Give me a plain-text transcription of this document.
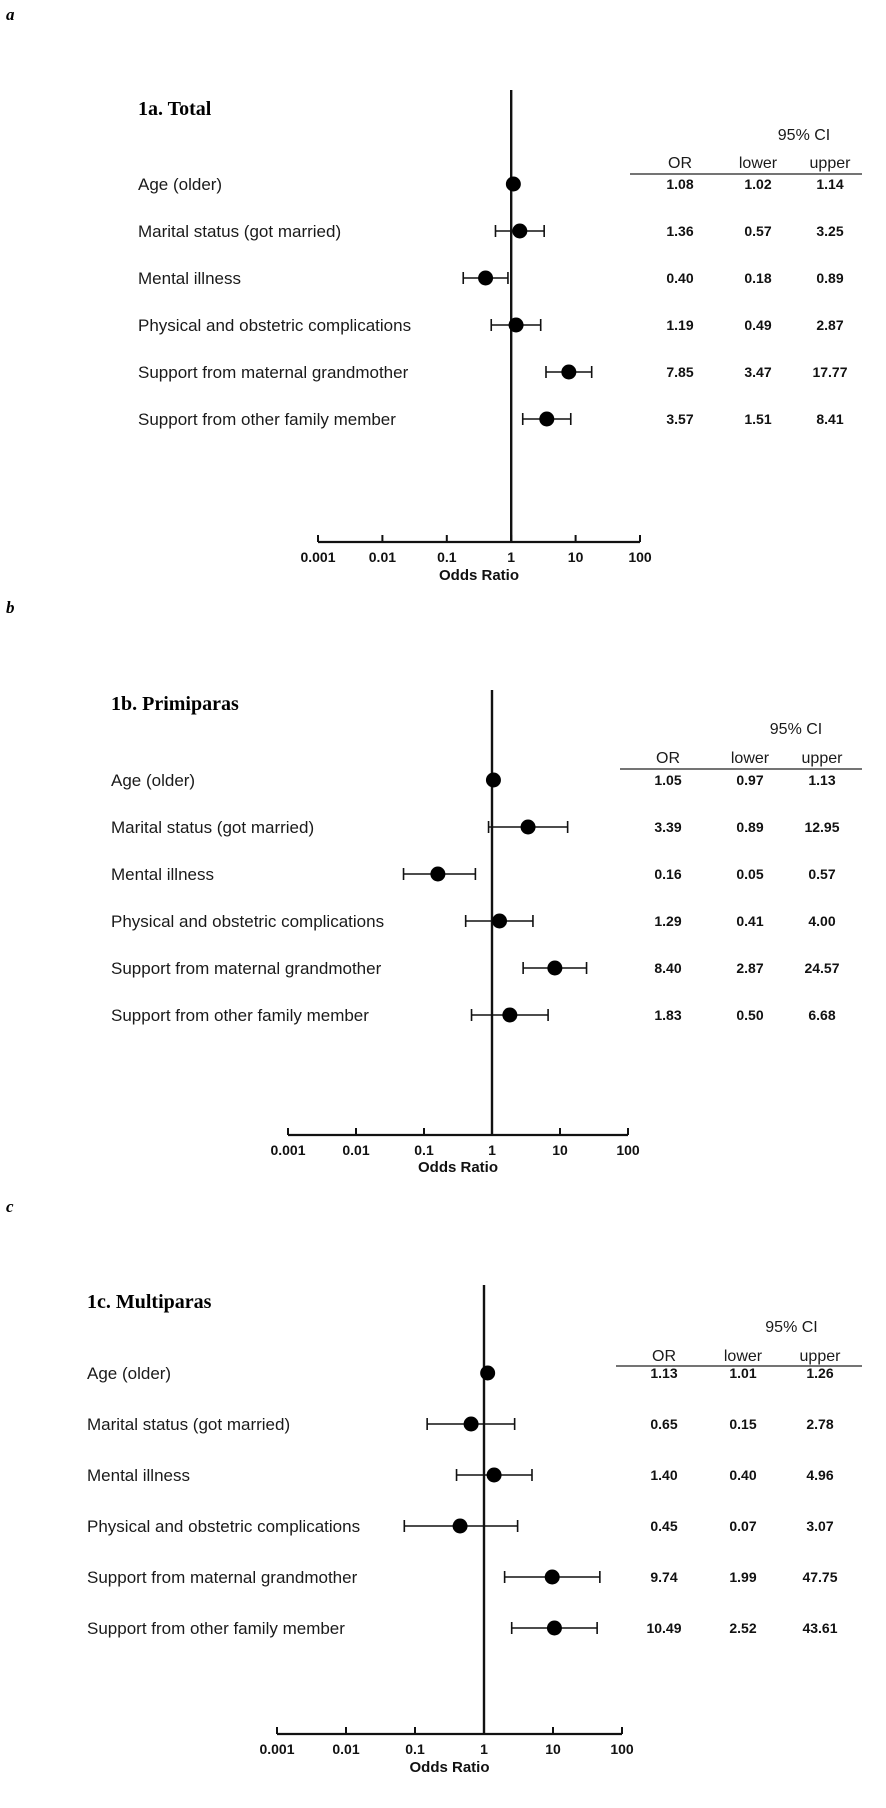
a
1a. Total
0.001 0.01	0.1	1	10	100
Odds Ratio
95% CI
OR	lower upper
Age (older)	1.08	1.02	1.14
Marital status (got married)	1.36	0.57	3.25
Mental illness	0.40	0.18	0.89
Physical and obstetric complications	1.19	0.49	2.87
Support from maternal grandmother	7.85	3.47	17.77
Support from other family member	3.57	1.51	8.41
b
1b. Primiparas
0.001	0.01	0.1	1	10	100
Odds Ratio
95% CI
OR	lower upper
Age (older)	1.05	0.97	1.13
Marital status (got married)	3.39	0.89	12.95
Mental illness	0.16	0.05	0.57
Physical and obstetric complications	1.29	0.41	4.00
Support from maternal grandmother	8.40	2.87	24.57
Support from other family member	1.83	0.50	6.68
c
1c. Multiparas
0.001	0.01	0.1	1	10	100
Odds Ratio
95% CI
OR	lower upper
Age (older)	1.13	1.01	1.26
Marital status (got married)	0.65	0.15	2.78
Mental illness	1.40	0.40	4.96
Physical and obstetric complications	0.45	0.07	3.07
Support from maternal grandmother	9.74	1.99	47.75
Support from other family member	10.49	2.52	43.61
